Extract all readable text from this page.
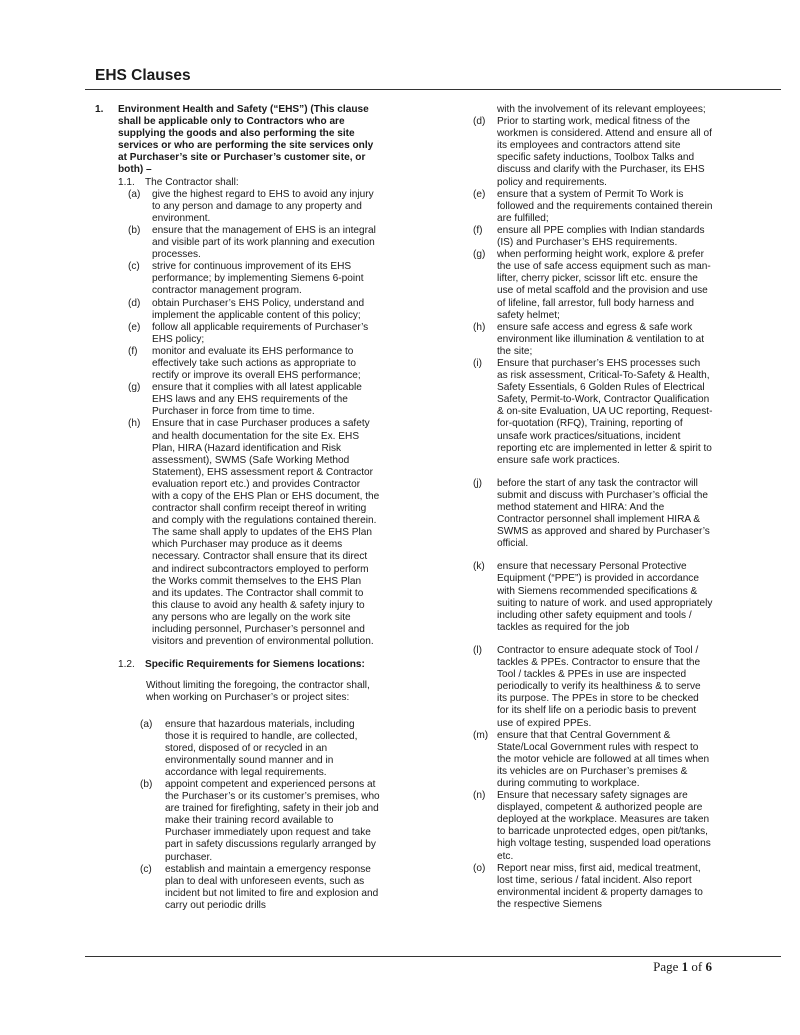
EHS Clauses
1.	Environment Health and Safety (“EHS”) (This clause shall be applicable only to Contractors who are supplying the goods and also performing the site services or who are performing the site services only at Purchaser’s site or Purchaser’s customer site, or both) –
1.1.	The Contractor shall:
(a)	give the highest regard to EHS to avoid any injury to any person and damage to any property and environment.
(b)	ensure that the management of EHS is an integral and visible part of its work planning and execution processes.
(c)	strive for continuous improvement of its EHS performance; by implementing Siemens 6-point contractor management program.
(d)	obtain Purchaser’s EHS Policy, understand and implement the applicable content of this policy;
(e)	follow all applicable requirements of Purchaser’s EHS policy;
(f)	monitor and evaluate its EHS performance to effectively take such actions as appropriate to rectify or improve its overall EHS performance;
(g)	ensure that it complies with all latest applicable EHS laws and any EHS requirements of the Purchaser in force from time to time.
(h)	Ensure that in case Purchaser produces a safety and health documentation for the site Ex. EHS Plan, HIRA (Hazard identification and Risk assessment), SWMS (Safe Working Method Statement), EHS assessment report & Contractor evaluation report etc.) and provides Contractor with a copy of the EHS Plan or EHS document, the contractor shall confirm receipt thereof in writing and comply with the regulations contained therein. The same shall apply to updates of the EHS Plan which Purchaser may produce as it deems necessary. Contractor shall ensure that its direct and indirect subcontractors employed to perform the Works commit themselves to the EHS Plan and its updates. The Contractor shall commit to this clause to avoid any health & safety injury to any persons who are legally on the work site including personnel, Purchaser’s personnel and visitors and prevention of environmental pollution.
1.2.	Specific Requirements for Siemens locations:
Without limiting the foregoing, the contractor shall, when working on Purchaser’s or project sites:
(a)	ensure that hazardous materials, including those it is required to handle, are collected, stored, disposed of or recycled in an environmentally sound manner and in accordance with legal requirements.
(b)	appoint competent and experienced persons at the Purchaser’s or its customer’s premises, who are trained for firefighting, safety in their job and make their training record available to Purchaser immediately upon request and take part in safety discussions regularly arranged by purchaser.
(c)	establish and maintain a emergency response plan to deal with unforeseen events, such as incident but not limited to fire and explosion and carry out periodic drills
with the involvement of its relevant employees;
(d)	Prior to starting work, medical fitness of the workmen is considered. Attend and ensure all of its employees and contractors attend site specific safety inductions, Toolbox Talks and discuss and clarify with the Purchaser, its EHS policy and requirements.
(e)	ensure that a system of Permit To Work is followed and the requirements contained therein are fulfilled;
(f)	ensure all PPE complies with Indian standards (IS) and Purchaser’s EHS requirements.
(g)	when performing height work, explore & prefer the use of safe access equipment such as man-lifter, cherry picker, scissor lift etc. ensure the use of metal scaffold and the provision and use of lifeline, fall arrestor, full body harness and safety helmet;
(h)	ensure safe access and egress & safe work environment like illumination & ventilation to at the site;
(i)	Ensure that purchaser’s EHS processes such as risk assessment, Critical-To-Safety & Health, Safety Essentials, 6 Golden Rules of Electrical Safety, Permit-to-Work, Contractor Qualification & on-site Evaluation, UA UC reporting, Request-for-quotation (RFQ), Training, reporting of unsafe work practices/situations, incident reporting etc are implemented in letter & spirit to ensure safe work practices.
(j)	before the start of any task the contractor will submit and discuss with Purchaser’s official the method statement and HIRA: And the Contractor personnel shall implement HIRA & SWMS as approved and shared by Purchaser’s official.
(k)	ensure that necessary Personal Protective Equipment (“PPE”) is provided in accordance with Siemens recommended specifications & suiting to nature of work. and used appropriately including other safety equipment and tools / tackles as required for the job
(l)	Contractor to ensure adequate stock of Tool / tackles & PPEs. Contractor to ensure that the Tool / tackles & PPEs in use are inspected periodically to verify its healthiness & to serve its purpose. The PPEs in store to be checked for its shelf life on a periodic basis to prevent use of expired PPEs.
(m) ensure that that Central Government & State/Local Government rules with respect to the motor vehicle are followed at all times when its vehicles are on Purchaser’s premises & during commuting to workplace.
(n)	Ensure that necessary safety signages are displayed, competent & authorized people are deployed at the workplace. Measures are taken to barricade unprotected edges, open pit/tanks, high voltage testing, suspended load operations etc.
(o)	Report near miss, first aid, medical treatment, lost time, serious / fatal incident. Also report environmental incident & property damages to the respective Siemens
Page 1 of 6
